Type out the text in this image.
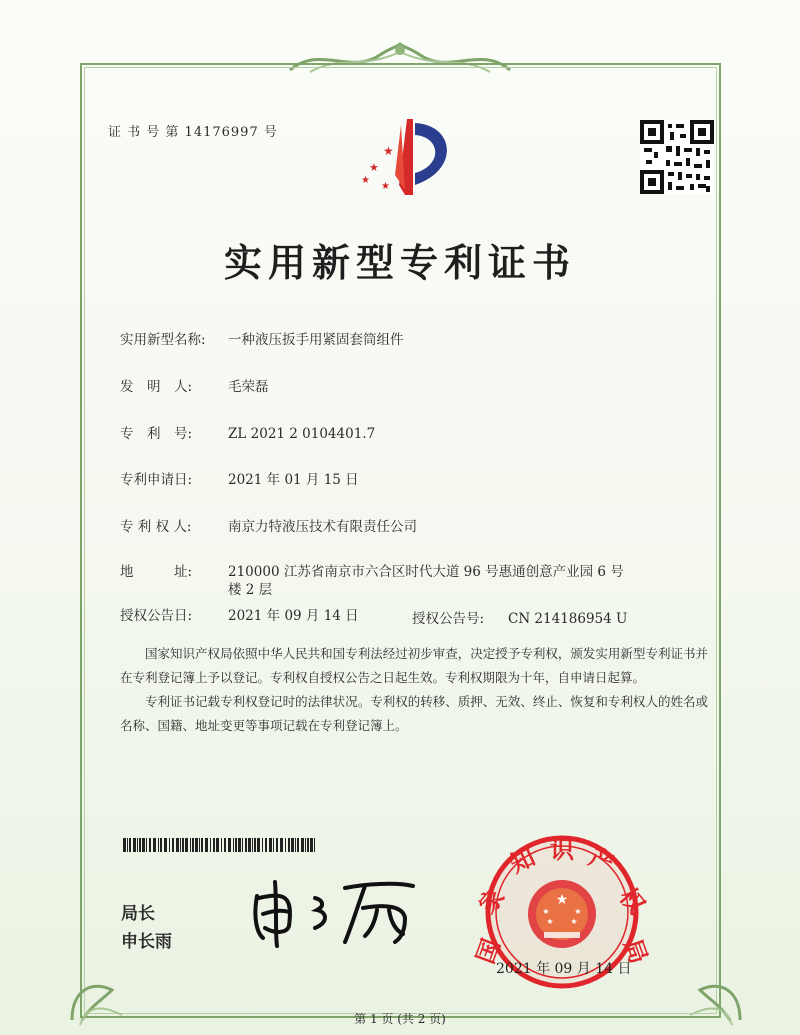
证 书 号 第 14176997 号
★
★
★
★
实用新型专利证书
实用新型名称: 一种液压扳手用紧固套筒组件
发　明　人:	毛荣磊
专　利　号:	ZL 2021 2 0104401.7
专利申请日:	2021 年 01 月 15 日
专 利 权 人:	南京力特液压技术有限责任公司
地　　　址:	210000 江苏省南京市六合区时代大道 96 号惠通创意产业园 6 号楼 2 层
授权公告日:	2021 年 09 月 14 日	授权公告号: CN 214186954 U

国家知识产权局依照中华人民共和国专利法经过初步审查，决定授予专利权，颁发实用新型专利证书并在专利登记簿上予以登记。专利权自授权公告之日起生效。专利权期限为十年，自申请日起算。

专利证书记载专利权登记时的法律状况。专利权的转移、质押、无效、终止、恢复和专利权人的姓名或名称、国籍、地址变更等事项记载在专利登记簿上。

局长
申长雨
★
★	★
★ ★
国
家
知 识 产
权
局
2021 年 09 月 14 日
第 1 页 (共 2 页)
